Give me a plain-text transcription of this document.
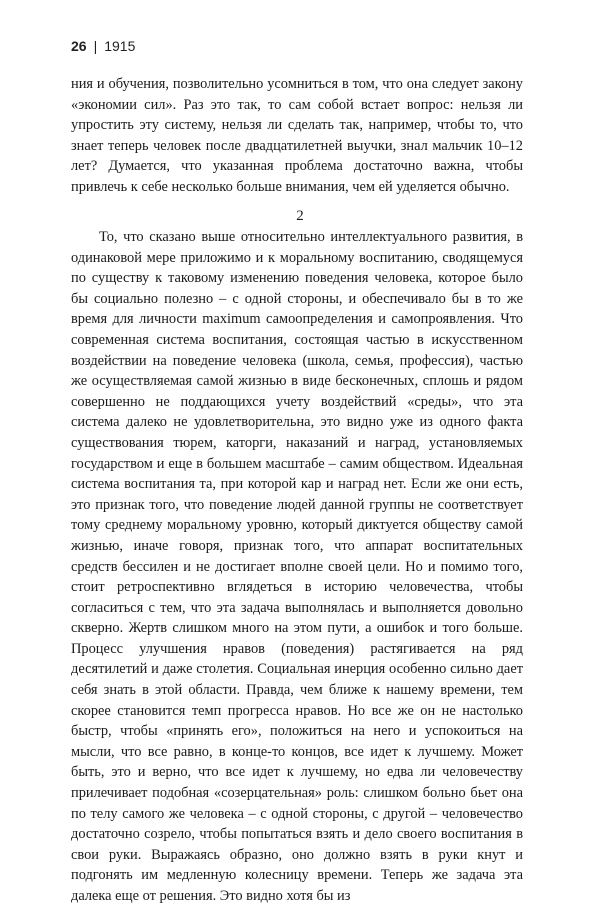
26 | 1915

ния и обучения, позволительно усомниться в том, что она следует закону «экономии сил». Раз это так, то сам собой встает вопрос: нельзя ли упростить эту систему, нельзя ли сделать так, например, чтобы то, что знает теперь человек после двадцатилетней выучки, знал мальчик 10–12 лет? Думается, что указанная проблема достаточно важна, чтобы привлечь к себе несколько больше внимания, чем ей уделяется обычно.

2

То, что сказано выше относительно интеллектуального развития, в одинаковой мере приложимо и к моральному воспитанию, сводящемуся по существу к таковому изменению поведения человека, которое было бы социально полезно – с одной стороны, и обеспечивало бы в то же время для личности maximum самоопределения и самопроявления. Что современная система воспитания, состоящая частью в искусственном воздействии на поведение человека (школа, семья, профессия), частью же осуществляемая самой жизнью в виде бесконечных, сплошь и рядом совершенно не поддающихся учету воздействий «среды», что эта система далеко не удовлетворительна, это видно уже из одного факта существования тюрем, каторги, наказаний и наград, установляемых государством и еще в большем масштабе – самим обществом. Идеальная система воспитания та, при которой кар и наград нет. Если же они есть, это признак того, что поведение людей данной группы не соответствует тому среднему моральному уровню, который диктуется обществу самой жизнью, иначе говоря, признак того, что аппарат воспитательных средств бессилен и не достигает вполне своей цели. Но и помимо того, стоит ретроспективно вглядеться в историю человечества, чтобы согласиться с тем, что эта задача выполнялась и выполняется довольно скверно. Жертв слишком много на этом пути, а ошибок и того больше. Процесс улучшения нравов (поведения) растягивается на ряд десятилетий и даже столетия. Социальная инерция особенно сильно дает себя знать в этой области. Правда, чем ближе к нашему времени, тем скорее становится темп прогресса нравов. Но все же он не настолько быстр, чтобы «принять его», положиться на него и успокоиться на мысли, что все равно, в конце-то концов, все идет к лучшему. Может быть, это и верно, что все идет к лучшему, но едва ли человечеству прилечивает подобная «созерцательная» роль: слишком больно бьет она по телу самого же человека – с одной стороны, с другой – человечество достаточно созрело, чтобы попытаться взять и дело своего воспитания в свои руки. Выражаясь образно, оно должно взять в руки кнут и подгонять им медленную колесницу времени. Теперь же задача эта далека еще от решения. Это видно хотя бы из
